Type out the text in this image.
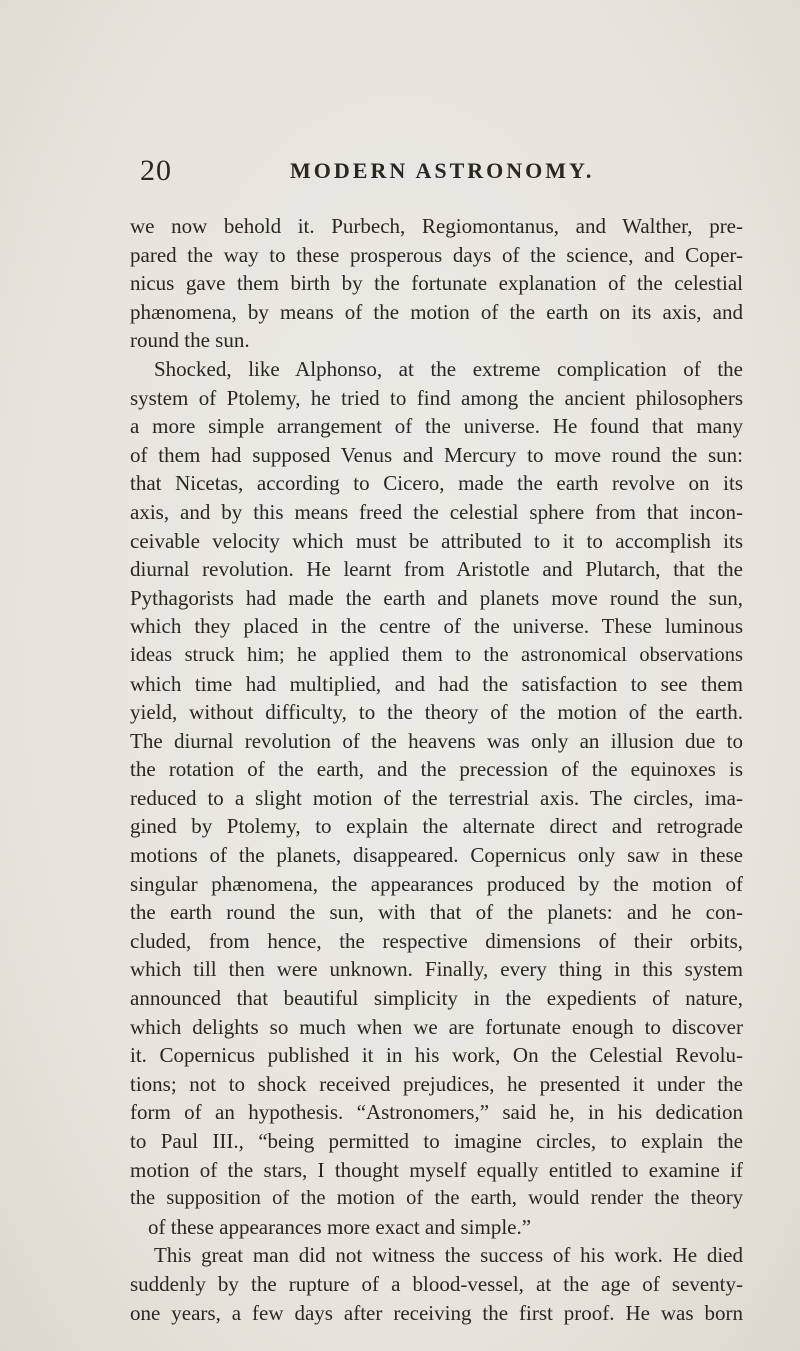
20	MODERN ASTRONOMY.
we now behold it. Purbech, Regiomontanus, and Walther, pre-
pared the way to these prosperous days of the science, and Coper-
nicus gave them birth by the fortunate explanation of the celestial
phænomena, by means of the motion of the earth on its axis, and
round the sun.
Shocked, like Alphonso, at the extreme complication of the
system of Ptolemy, he tried to find among the ancient philosophers
a more simple arrangement of the universe. He found that many
of them had supposed Venus and Mercury to move round the sun:
that Nicetas, according to Cicero, made the earth revolve on its
axis, and by this means freed the celestial sphere from that incon-
ceivable velocity which must be attributed to it to accomplish its
diurnal revolution. He learnt from Aristotle and Plutarch, that the
Pythagorists had made the earth and planets move round the sun,
which they placed in the centre of the universe. These luminous
ideas struck him; he applied them to the astronomical observations
which time had multiplied, and had the satisfaction to see them
yield, without difficulty, to the theory of the motion of the earth.
The diurnal revolution of the heavens was only an illusion due to
the rotation of the earth, and the precession of the equinoxes is
reduced to a slight motion of the terrestrial axis. The circles, ima-
gined by Ptolemy, to explain the alternate direct and retrograde
motions of the planets, disappeared. Copernicus only saw in these
singular phænomena, the appearances produced by the motion of
the earth round the sun, with that of the planets: and he con-
cluded, from hence, the respective dimensions of their orbits,
which till then were unknown. Finally, every thing in this system
announced that beautiful simplicity in the expedients of nature,
which delights so much when we are fortunate enough to discover
it. Copernicus published it in his work, On the Celestial Revolu-
tions; not to shock received prejudices, he presented it under the
form of an hypothesis. “Astronomers,” said he, in his dedication
to Paul III., “being permitted to imagine circles, to explain the
motion of the stars, I thought myself equally entitled to examine if
the supposition of the motion of the earth, would render the theory
of these appearances more exact and simple.”
This great man did not witness the success of his work. He died
suddenly by the rupture of a blood-vessel, at the age of seventy-
one years, a few days after receiving the first proof. He was born
